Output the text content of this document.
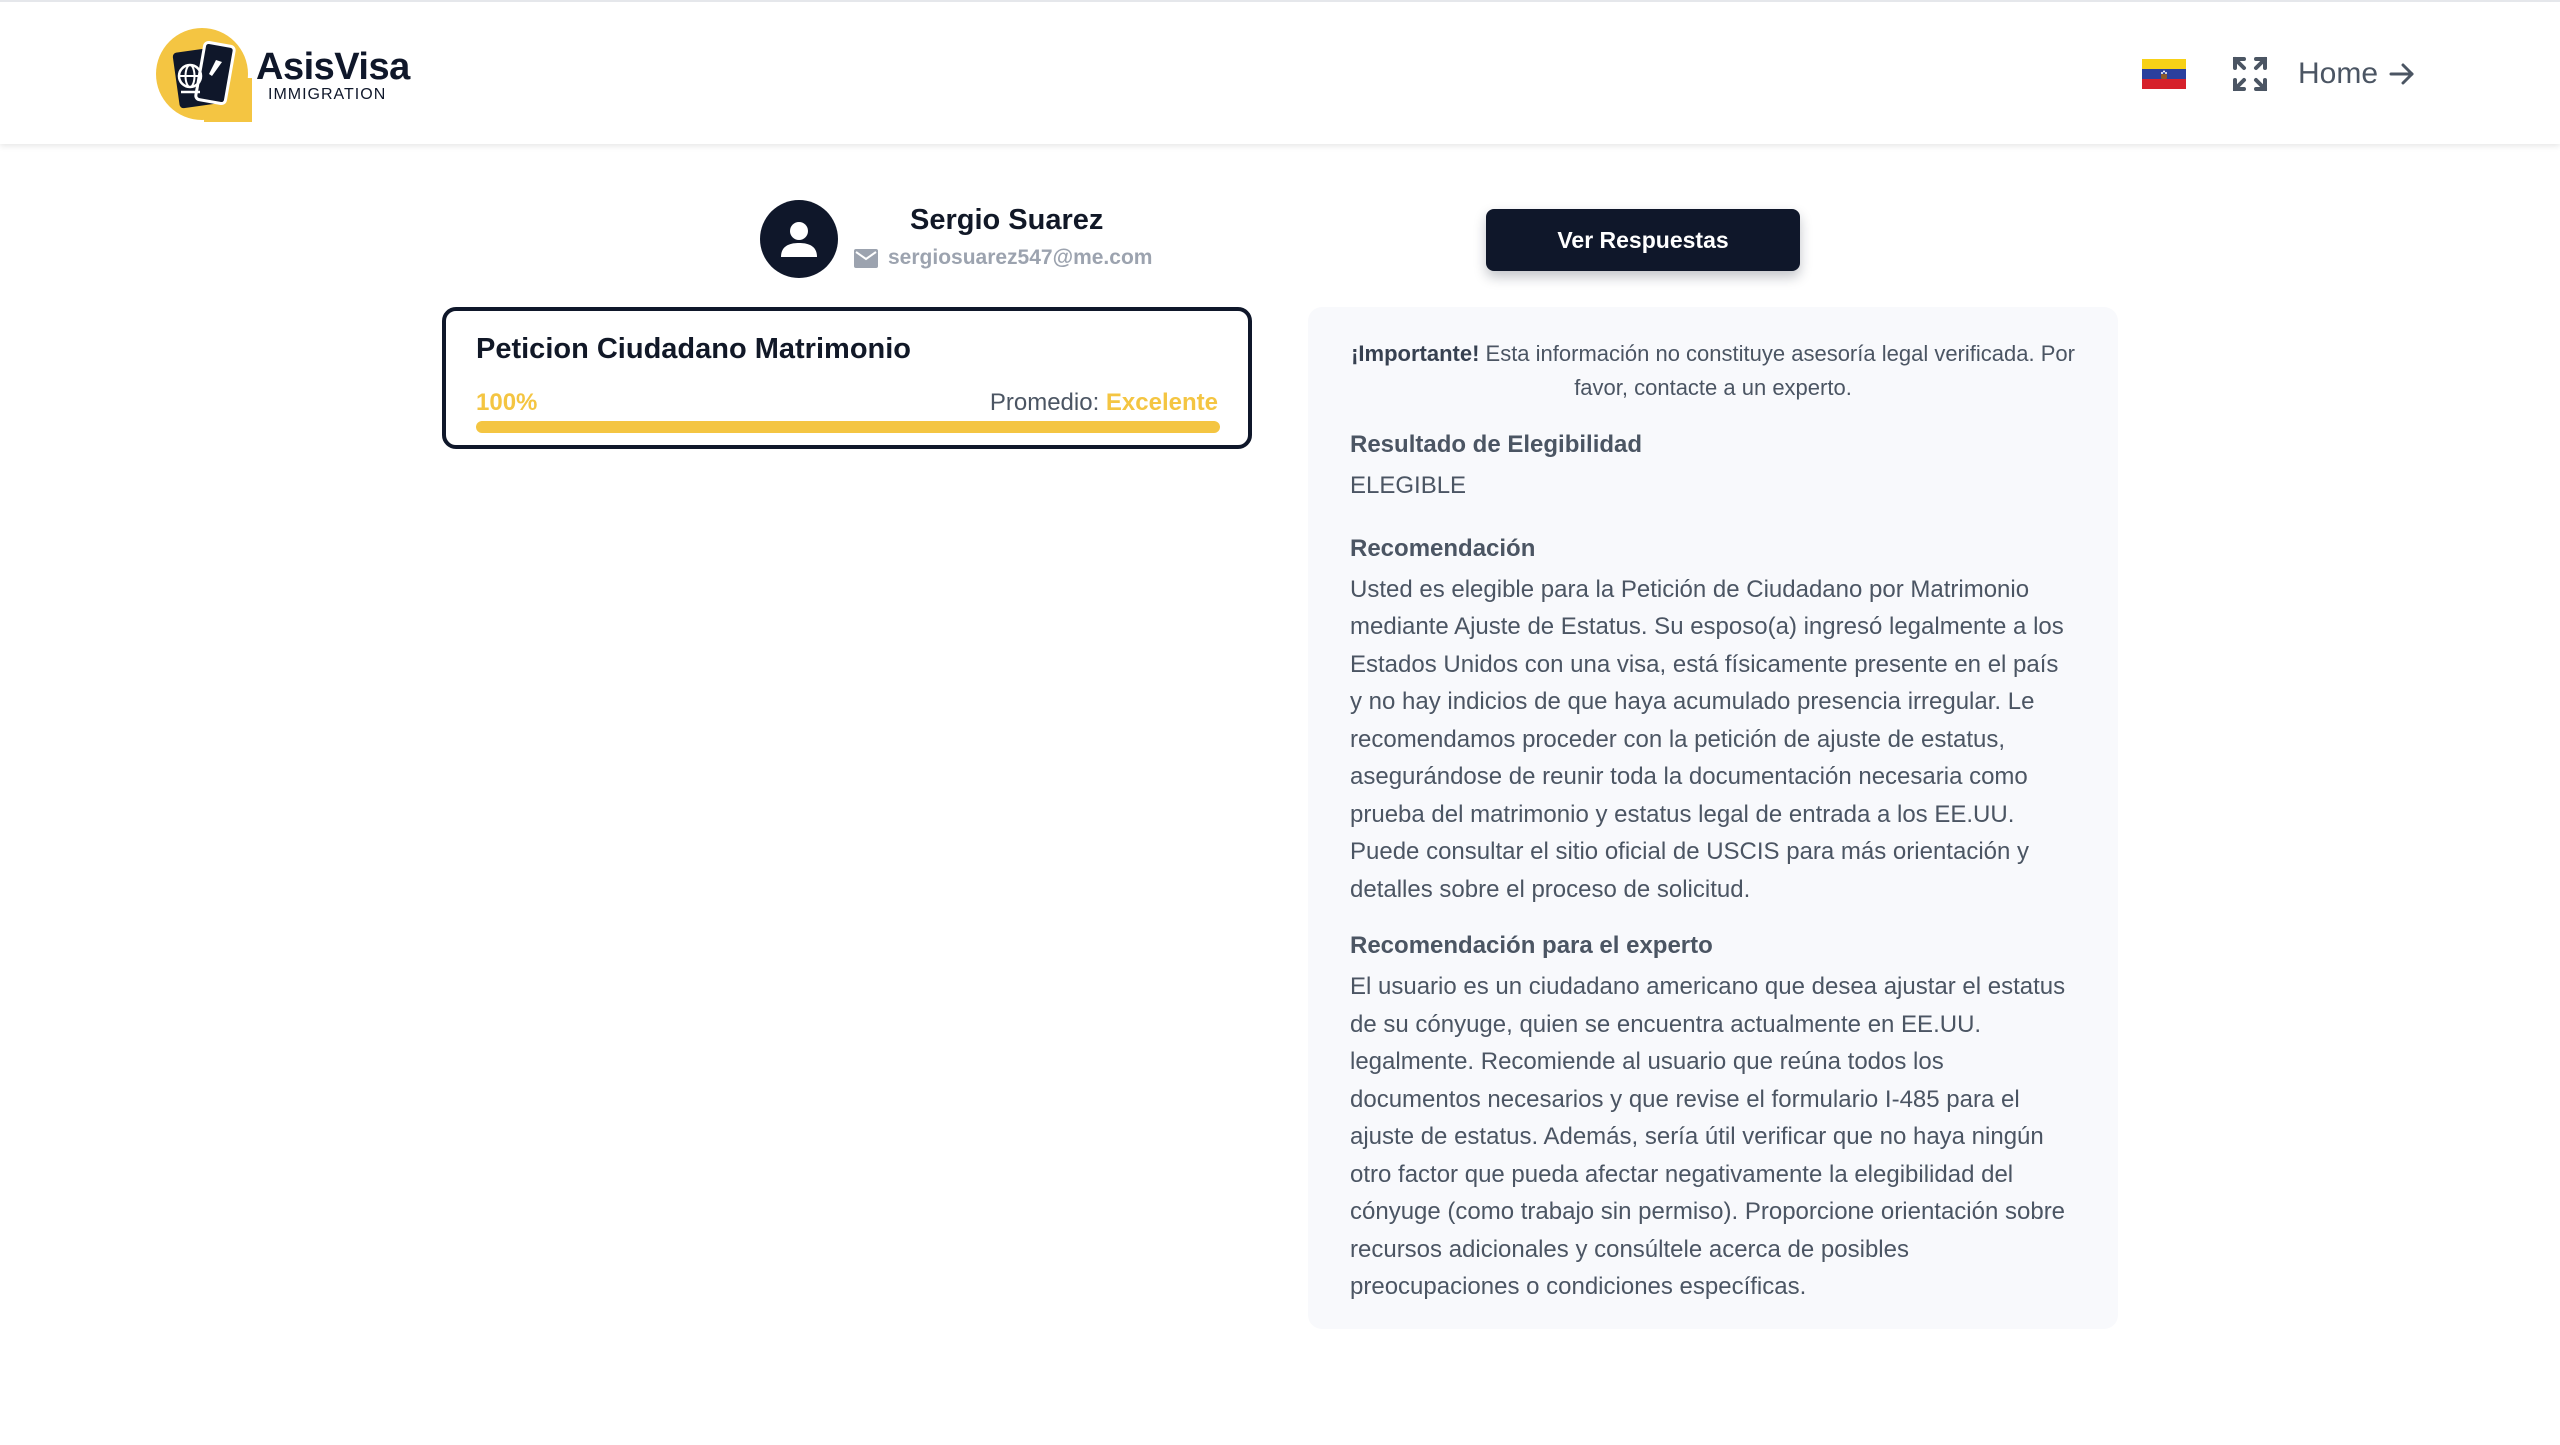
AsisVisa
IMMIGRATION
Home
Sergio Suarez
sergiosuarez547@me.com
Ver Respuestas
Peticion Ciudadano Matrimonio
100%	Promedio: Excelente

¡Importante! Esta información no constituye asesoría legal verificada. Por favor, contacte a un experto.

Resultado de Elegibilidad

ELEGIBLE

Recomendación

Usted es elegible para la Petición de Ciudadano por Matrimonio mediante Ajuste de Estatus. Su esposo(a) ingresó legalmente a los Estados Unidos con una visa, está físicamente presente en el país y no hay indicios de que haya acumulado presencia irregular. Le recomendamos proceder con la petición de ajuste de estatus, asegurándose de reunir toda la documentación necesaria como prueba del matrimonio y estatus legal de entrada a los EE.UU. Puede consultar el sitio oficial de USCIS para más orientación y detalles sobre el proceso de solicitud.

Recomendación para el experto

El usuario es un ciudadano americano que desea ajustar el estatus de su cónyuge, quien se encuentra actualmente en EE.UU. legalmente. Recomiende al usuario que reúna todos los documentos necesarios y que revise el formulario I-485 para el ajuste de estatus. Además, sería útil verificar que no haya ningún otro factor que pueda afectar negativamente la elegibilidad del cónyuge (como trabajo sin permiso). Proporcione orientación sobre recursos adicionales y consúltele acerca de posibles preocupaciones o condiciones específicas.
